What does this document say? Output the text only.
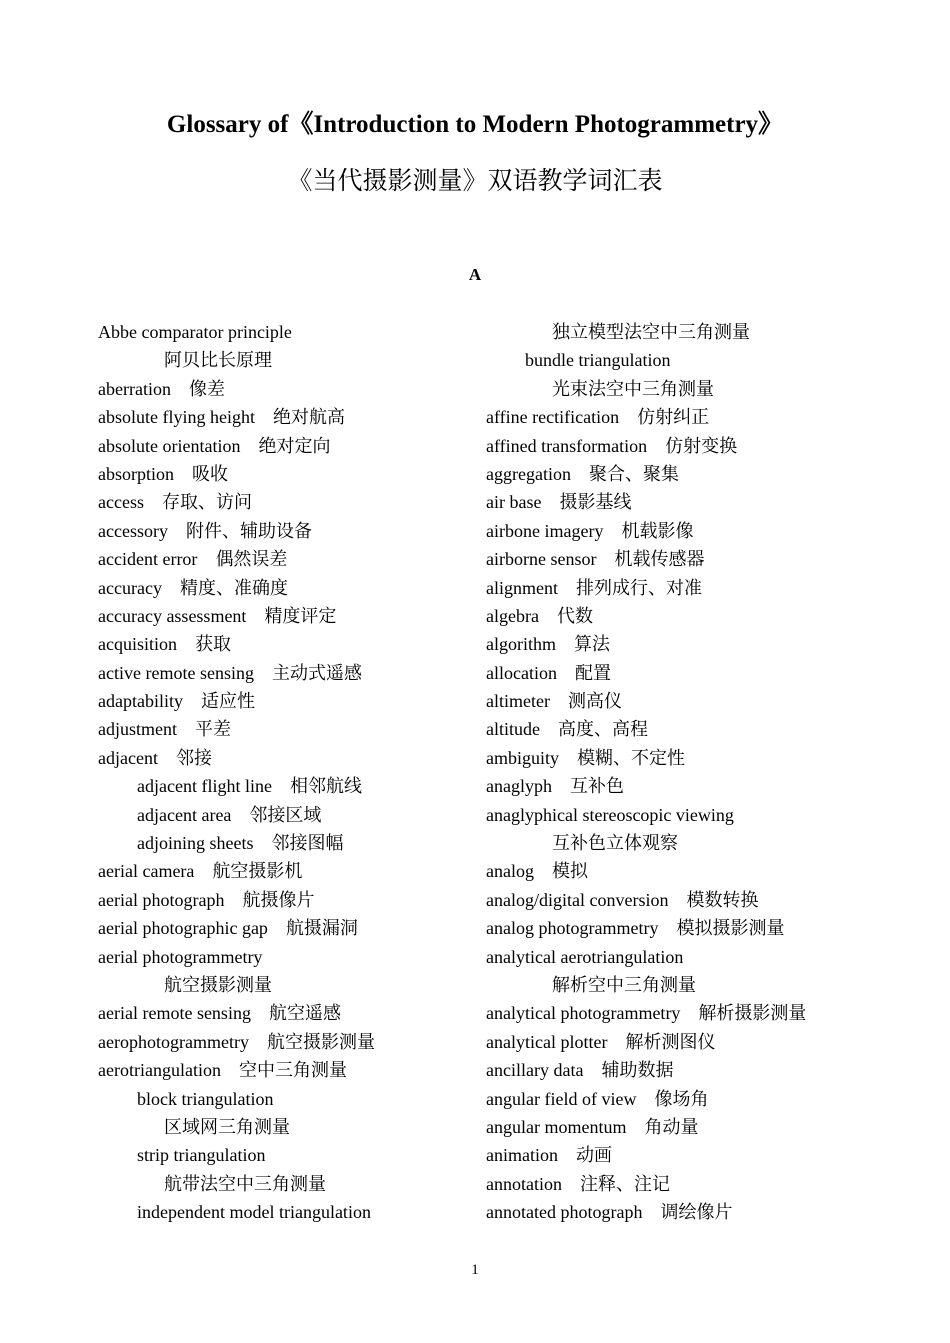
Glossary of《Introduction to Modern Photogrammetry》
《当代摄影测量》双语教学词汇表
A
Abbe comparator principle
阿贝比长原理
aberration 像差
absolute flying height 绝对航高
absolute orientation 绝对定向
absorption 吸收
access 存取、访问
accessory 附件、辅助设备
accident error 偶然误差
accuracy 精度、准确度
accuracy assessment 精度评定
acquisition 获取
active remote sensing 主动式遥感
adaptability 适应性
adjustment 平差
adjacent 邻接
adjacent flight line 相邻航线
adjacent area 邻接区域
adjoining sheets 邻接图幅
aerial camera 航空摄影机
aerial photograph 航摄像片
aerial photographic gap 航摄漏洞
aerial photogrammetry
航空摄影测量
aerial remote sensing 航空遥感
aerophotogrammetry 航空摄影测量
aerotriangulation 空中三角测量
block triangulation
区域网三角测量
strip triangulation
航带法空中三角测量
independent model triangulation
独立模型法空中三角测量
bundle triangulation
光束法空中三角测量
affine rectification 仿射纠正
affined transformation 仿射变换
aggregation 聚合、聚集
air base 摄影基线
airbone imagery 机载影像
airborne sensor 机载传感器
alignment 排列成行、对准
algebra 代数
algorithm 算法
allocation 配置
altimeter 测高仪
altitude 高度、高程
ambiguity 模糊、不定性
anaglyph 互补色
anaglyphical stereoscopic viewing
互补色立体观察
analog 模拟
analog/digital conversion 模数转换
analog photogrammetry 模拟摄影测量
analytical aerotriangulation
解析空中三角测量
analytical photogrammetry 解析摄影测量
analytical plotter 解析测图仪
ancillary data 辅助数据
angular field of view 像场角
angular momentum 角动量
animation 动画
annotation 注释、注记
annotated photograph 调绘像片
1
